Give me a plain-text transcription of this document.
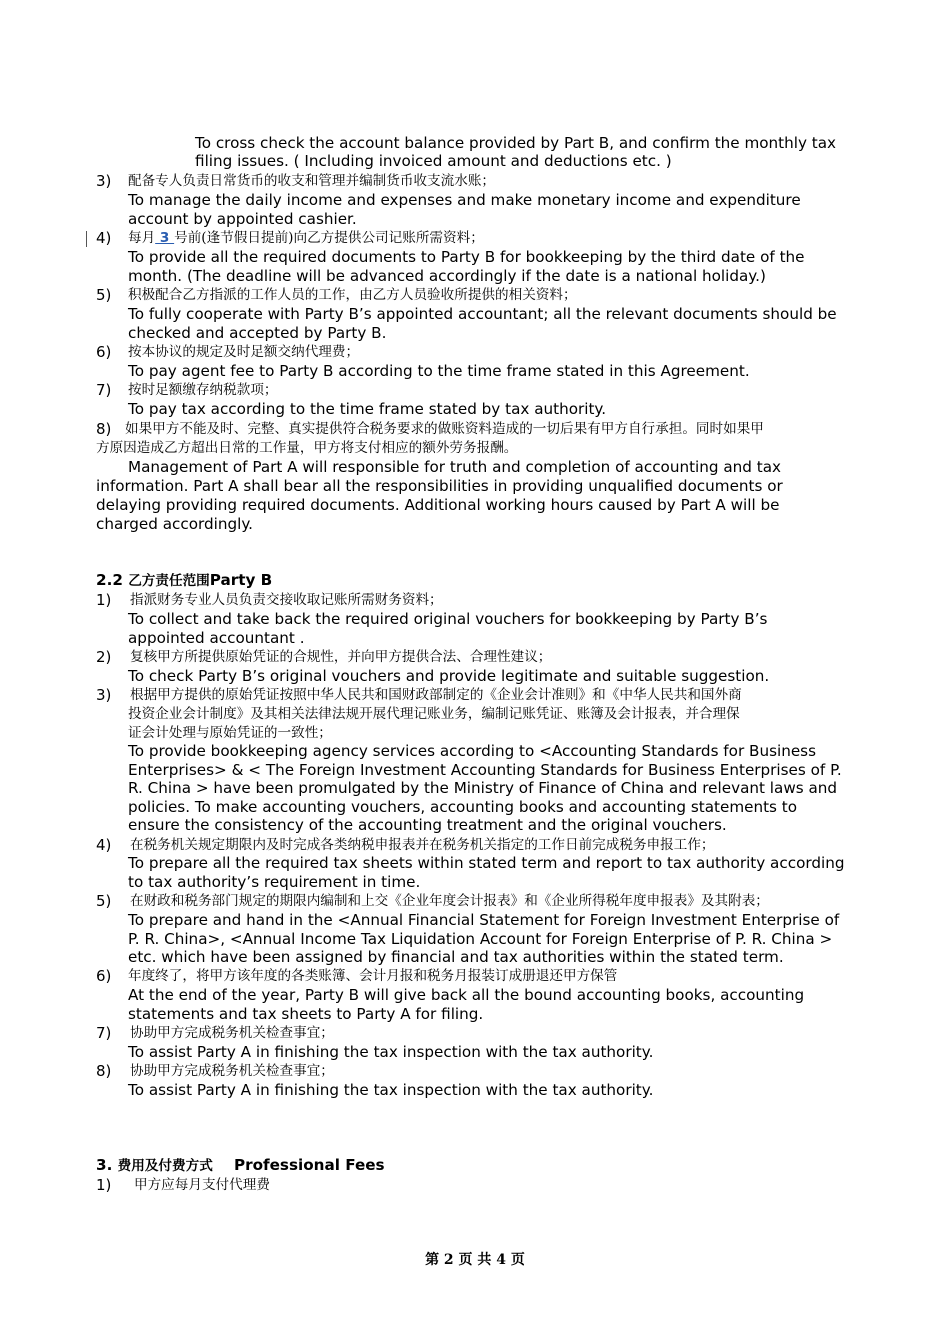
To cross check the account balance provided by Part B, and confirm the monthly tax
filing issues. ( Including invoiced amount and deductions etc. )
3) 配备专人负责日常货币的收支和管理并编制货币收支流水账；
To manage the daily income and expenses and make monetary income and expenditure
account by appointed cashier.
4) 每月 3 号前(逢节假日提前)向乙方提供公司记账所需资料；
To provide all the required documents to Party B for bookkeeping by the third date of the
month. (The deadline will be advanced accordingly if the date is a national holiday.)
5) 积极配合乙方指派的工作人员的工作，由乙方人员验收所提供的相关资料；
To fully cooperate with Party B’s appointed accountant; all the relevant documents should be
checked and accepted by Party B.
6) 按本协议的规定及时足额交纳代理费；
To pay agent fee to Party B according to the time frame stated in this Agreement.
7) 按时足额缴存纳税款项；
To pay tax according to the time frame stated by tax authority.
8) 如果甲方不能及时、完整、真实提供符合税务要求的做账资料造成的一切后果有甲方自行承担。同时如果甲
方原因造成乙方超出日常的工作量，甲方将支付相应的额外劳务报酬。
Management of Part A will responsible for truth and completion of accounting and tax
information. Part A shall bear all the responsibilities in providing unqualified documents or
delaying providing required documents. Additional working hours caused by Part A will be
charged accordingly.
2.2 乙方责任范围Party B
1) 指派财务专业人员负责交接收取记账所需财务资料；
To collect and take back the required original vouchers for bookkeeping by Party B’s
appointed accountant .
2) 复核甲方所提供原始凭证的合规性，并向甲方提供合法、合理性建议；
To check Party B’s original vouchers and provide legitimate and suitable suggestion.
3) 根据甲方提供的原始凭证按照中华人民共和国财政部制定的《企业会计准则》和《中华人民共和国外商
投资企业会计制度》及其相关法律法规开展代理记账业务，编制记账凭证、账簿及会计报表，并合理保
证会计处理与原始凭证的一致性；
To provide bookkeeping agency services according to <Accounting Standards for Business
Enterprises> & < The Foreign Investment Accounting Standards for Business Enterprises of P.
R. China > have been promulgated by the Ministry of Finance of China and relevant laws and
policies. To make accounting vouchers, accounting books and accounting statements to
ensure the consistency of the accounting treatment and the original vouchers.
4) 在税务机关规定期限内及时完成各类纳税申报表并在税务机关指定的工作日前完成税务申报工作；
To prepare all the required tax sheets within stated term and report to tax authority according
to tax authority’s requirement in time.
5) 在财政和税务部门规定的期限内编制和上交《企业年度会计报表》和《企业所得税年度申报表》及其附表；
To prepare and hand in the <Annual Financial Statement for Foreign Investment Enterprise of
P. R. China>, <Annual Income Tax Liquidation Account for Foreign Enterprise of P. R. China >
etc. which have been assigned by financial and tax authorities within the stated term.
6) 年度终了，将甲方该年度的各类账簿、会计月报和税务月报装订成册退还甲方保管
At the end of the year, Party B will give back all the bound accounting books, accounting
statements and tax sheets to Party A for filing.
7) 协助甲方完成税务机关检查事宜；
To assist Party A in finishing the tax inspection with the tax authority.
8) 协助甲方完成税务机关检查事宜；
To assist Party A in finishing the tax inspection with the tax authority.
3. 费用及付费方式 Professional Fees
1) 甲方应每月支付代理费
第 2 页 共 4 页
